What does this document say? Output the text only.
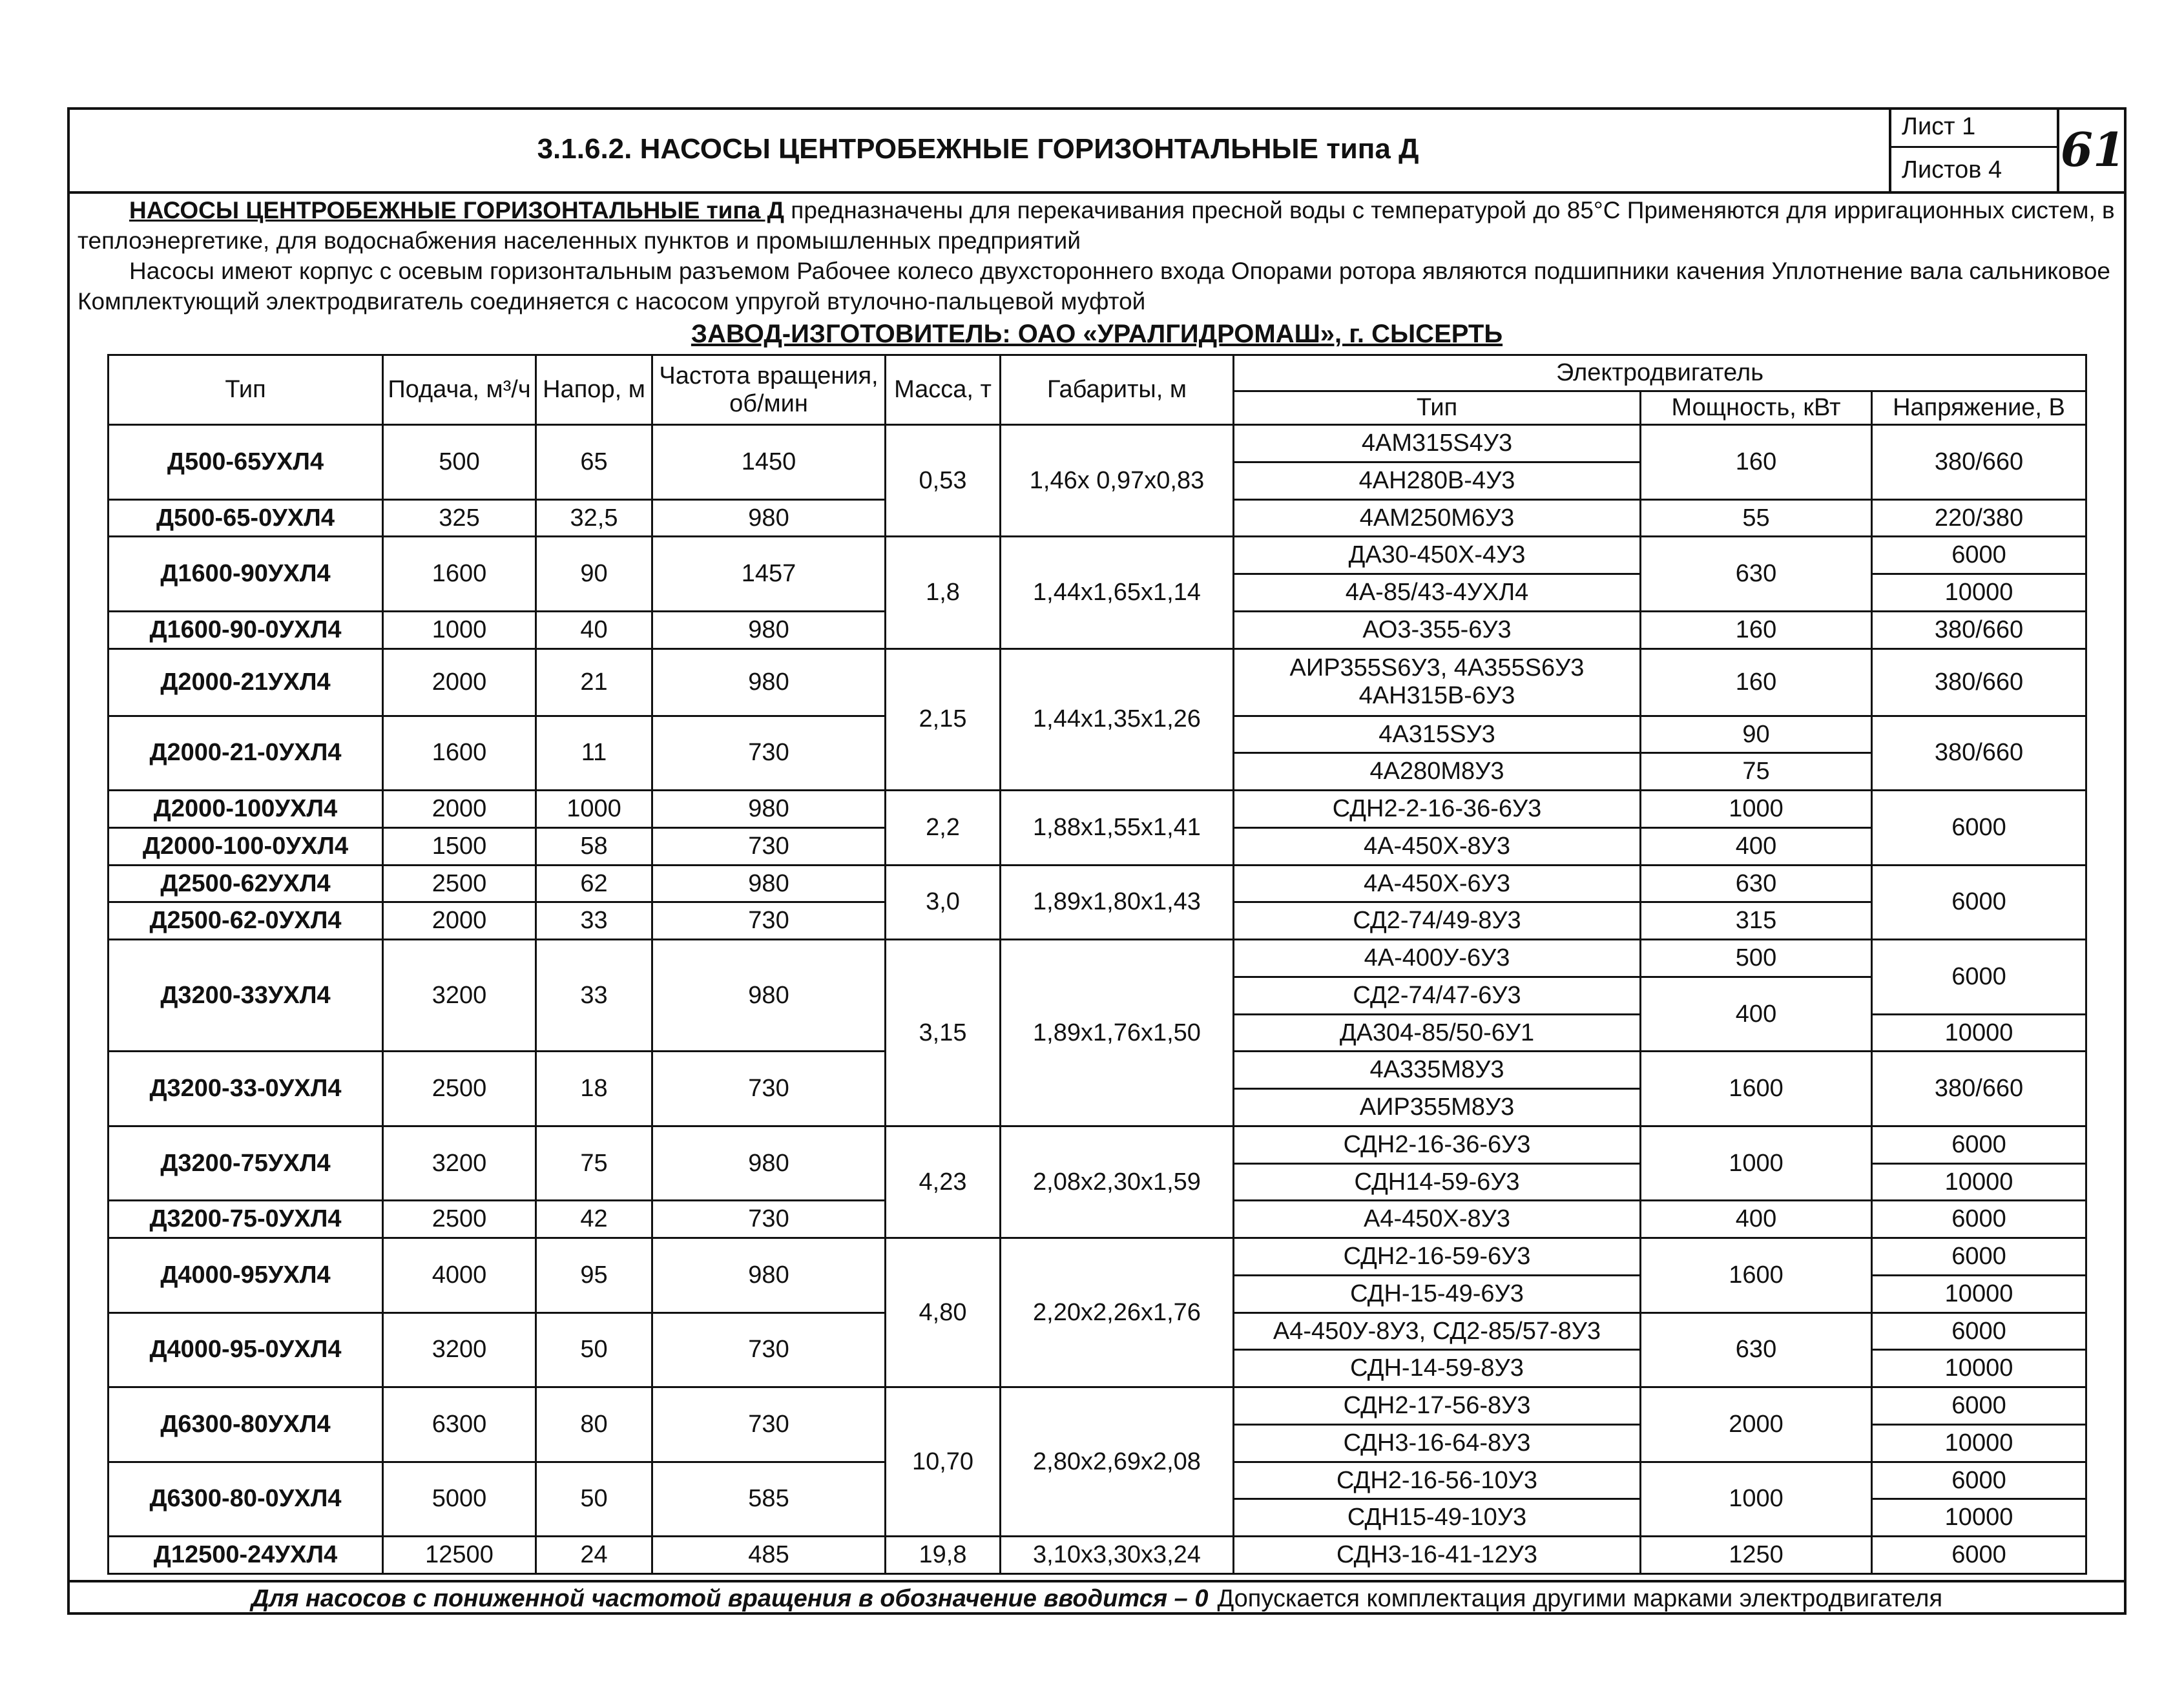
3.1.6.2. НАСОСЫ ЦЕНТРОБЕЖНЫЕ ГОРИЗОНТАЛЬНЫЕ типа Д
Лист 1
Листов 4	61

НАСОСЫ ЦЕНТРОБЕЖНЫЕ ГОРИЗОНТАЛЬНЫЕ типа Д предназначены для перекачивания пресной воды с температурой до 85°С Применяются для ирригационных систем, в теплоэнергетике, для водоснабжения населенных пунктов и промышленных предприятий

Насосы имеют корпус с осевым горизонтальным разъемом Рабочее колесо двухстороннего входа Опорами ротора являются подшипники качения Уплотнение вала сальниковое Комплектующий электродвигатель соединяется с насосом упругой втулочно-пальцевой муфтой

ЗАВОД-ИЗГОТОВИТЕЛЬ: ОАО «УРАЛГИДРОМАШ», г. СЫСЕРТЬ
Тип	Подача, м³/ч	Напор, м	Частота вращения, об/мин	Масса, т	Габариты, м	Электродвигатель		
						Тип	Мощность, кВт	Напряжение, В
Д500-65УХЛ4	500	65	1450	0,53	1,46х 0,97х0,83	4АМ315S4У3	160	380/660
						4АН280В-4У3		
Д500-65-0УХЛ4	325	32,5	980			4АМ250М6У3	55	220/380
Д1600-90УХЛ4	1600	90	1457	1,8	1,44х1,65х1,14	ДА30-450Х-4У3	630	6000
						4А-85/43-4УХЛ4		10000
Д1600-90-0УХЛ4	1000	40	980			АО3-355-6У3	160	380/660
Д2000-21УХЛ4	2000	21	980	2,15	1,44х1,35х1,26	АИР355S6У3, 4А355S6У3 4АН315В-6У3	160	380/660
Д2000-21-0УХЛ4	1600	11	730			4А315SУ3	90	380/660
						4А280М8У3	75	
Д2000-100УХЛ4	2000	1000	980	2,2	1,88х1,55х1,41	СДН2-2-16-36-6У3	1000	6000
Д2000-100-0УХЛ4	1500	58	730			4А-450Х-8У3	400	
Д2500-62УХЛ4	2500	62	980	3,0	1,89х1,80х1,43	4А-450Х-6У3	630	6000
Д2500-62-0УХЛ4	2000	33	730			СД2-74/49-8У3	315	
Д3200-33УХЛ4	3200	33	980	3,15	1,89х1,76х1,50	4А-400У-6У3	500	6000
						СД2-74/47-6У3	400	
						ДА304-85/50-6У1		10000
Д3200-33-0УХЛ4	2500	18	730			4А335М8У3	1600	380/660
						АИР355М8У3		
Д3200-75УХЛ4	3200	75	980	4,23	2,08х2,30х1,59	СДН2-16-36-6У3	1000	6000
						СДН14-59-6У3		10000
Д3200-75-0УХЛ4	2500	42	730			А4-450Х-8У3	400	6000
Д4000-95УХЛ4	4000	95	980	4,80	2,20х2,26х1,76	СДН2-16-59-6У3	1600	6000
						СДН-15-49-6У3		10000
Д4000-95-0УХЛ4	3200	50	730			А4-450У-8У3, СД2-85/57-8У3	630	6000
						СДН-14-59-8У3		10000
Д6300-80УХЛ4	6300	80	730	10,70	2,80х2,69х2,08	СДН2-17-56-8У3	2000	6000
						СДН3-16-64-8У3		10000
Д6300-80-0УХЛ4	5000	50	585			СДН2-16-56-10У3	1000	6000
						СДН15-49-10У3		10000
Д12500-24УХЛ4	12500	24	485	19,8	3,10х3,30х3,24	СДН3-16-41-12У3	1250	6000
Для насосов с пониженной частотой вращения в обозначение вводится – 0 Допускается комплектация другими марками электродвигателя
